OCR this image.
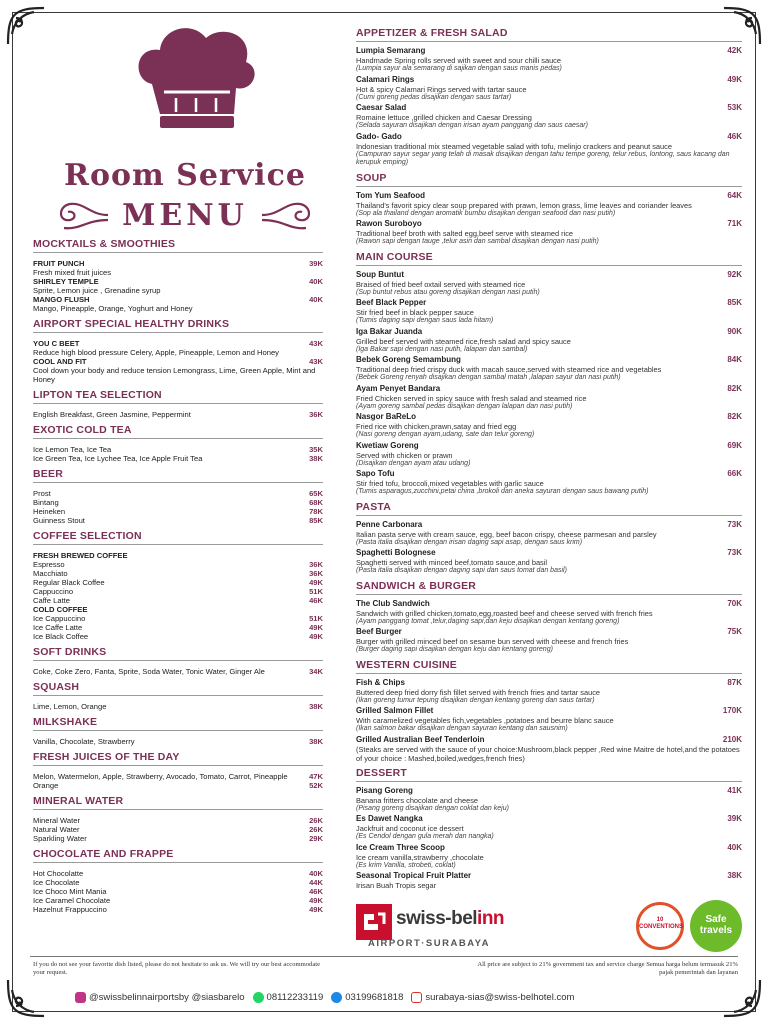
Room Service
MENU
MOCKTAILS & SMOOTHIES
FRUIT PUNCH	39K
Fresh mixed fruit juices
SHIRLEY TEMPLE	40K
Sprite, Lemon juice , Grenadine syrup
MANGO FLUSH	40K
Mango, Pineapple, Orange, Yoghurt and Honey
AIRPORT SPECIAL HEALTHY DRINKS
YOU C BEET	43K
Reduce high blood pressure Celery, Apple, Pineapple, Lemon and Honey
COOL AND FIT	43K
Cool down your body and reduce tension Lemongrass, Lime, Green Apple, Mint and Honey
LIPTON TEA SELECTION
English Breakfast, Green Jasmine, Peppermint	36K
EXOTIC COLD TEA
Ice Lemon Tea, Ice Tea	35K
Ice Green Tea, Ice Lychee Tea, Ice Apple Fruit Tea	38K
BEER
Prost	65K
Bintang	68K
Heineken	78K
Guinness Stout	85K
COFFEE SELECTION
FRESH BREWED COFFEE
Espresso	36K
Macchiato	36K
Regular Black Coffee	49K
Cappuccino	51K
Caffe Latte	46K
COLD COFFEE
Ice Cappuccino	51K
Ice Caffe Latte	49K
Ice Black Coffee	49K
SOFT DRINKS
Coke, Coke Zero, Fanta, Sprite, Soda Water, Tonic Water, Ginger Ale	34K
SQUASH
Lime, Lemon, Orange	38K
MILKSHAKE
Vanilla, Chocolate, Strawberry	38K
FRESH JUICES OF THE DAY
Melon, Watermelon, Apple, Strawberry, Avocado, Tomato, Carrot, Pineapple	47K
Orange	52K
MINERAL WATER
Mineral Water	26K
Natural Water	26K
Sparkling Water	29K
CHOCOLATE AND FRAPPE
Hot Chocolatte	40K
Ice Chocolate	44K
Ice Choco Mint Mania	46K
Ice Caramel Chocolate	49K
Hazelnut Frappuccino	49K
APPETIZER & FRESH SALAD
Lumpia Semarang	42K
Handmade Spring rolls served with sweet and sour chilli sauce
(Lumpia sayur ala semarang di sajikan dengan saus manis pedas)
Calamari Rings	49K
Hot & spicy Calamari Rings served with tartar sauce
(Cumi goreng pedas disajikan dengan saus tartar)
Caesar Salad	53K
Romaine lettuce ,grilled chicken and Caesar Dressing
(Selada sayuran disajikan dengan irisan ayam panggang dan saus caesar)
Gado- Gado	46K
Indonesian traditional mix steamed vegetable salad with tofu, melinjo crackers and peanut sauce
(Campuran sayur segar yang telah di masak disajikan dengan tahu tempe goreng, telur rebus, lontong, saus kacang dan kerupuk emping)
SOUP
Tom Yum Seafood	64K
Thailand's favorit spicy clear soup prepared with prawn, lemon grass, lime leaves and coriander leaves
(Sop ala thailand dengan aromatik bumbu disajikan dengan seafood dan nasi putih)
Rawon Suroboyo	71K
Traditional beef broth with salted egg,beef serve with steamed rice
(Rawon sapi dengan tauge ,telur asin dan sambal disajikan dengan nasi putih)
MAIN COURSE
Soup Buntut	92K
Braised of fried beef oxtail served with steamed rice
(Sup buntut rebus atau goreng disajikan dengan nasi putih)
Beef Black Pepper	85K
Stir fried beef in black pepper sauce
(Tumis daging sapi dengan saus lada hitam)
Iga Bakar Juanda	90K
Grilled beef served with steamed rice,fresh salad and spicy sauce
(Iga Bakar sapi dengan nasi putih, lalapan dan sambal)
Bebek Goreng Semambung	84K
Traditional deep fried crispy duck with macah sauce,served with steamed rice and vegetables
(Bebek Goreng renyah disajikan dengan sambal matah ,lalapan sayur dan nasi putih)
Ayam Penyet Bandara	82K
Fried Chicken served in spicy sauce with fresh salad and steamed rice
(Ayam goreng sambal pedas disajikan dengan lalapan dan nasi putih)
Nasgor BaReLo	82K
Fried rice with chicken,prawn,satay and fried egg
(Nasi goreng dengan ayam,udang, sate dan telur goreng)
Kwetiaw Goreng	69K
Served with chicken or prawn
(Disajikan dengan ayam atau udang)
Sapo Tofu	66K
Stir fried tofu, broccoli,mixed vegetables with garlic sauce
(Tumis asparagus,zucchini,petai china ,brokoli dan aneka sayuran dengan saus bawang putih)
PASTA
Penne Carbonara	73K
Italian pasta serve with cream sauce, egg, beef bacon crispy, cheese parmesan and parsley
(Pasta italia disajikan dengan irisan daging sapi asap, dengan saus krim)
Spaghetti Bolognese	73K
Spaghetti served with minced beef,tomato sauce,and basil
(Pasta italia disajikan dengan daging sapi dan saus tomat dan basil)
SANDWICH & BURGER
The Club Sandwich	70K
Sandwich with grilled chicken,tomato,egg,roasted beef and cheese served with french fries
(Ayam panggang tomat ,telur,daging sapi,dan keju disajikan dengan kentang goreng)
Beef Burger	75K
Burger with grilled minced beef on sesame bun served with cheese and french fries
(Burger daging sapi disajikan dengan keju dan kentang goreng)
WESTERN CUISINE
Fish & Chips	87K
Buttered deep fried dorry fish fillet served with french fries and tartar sauce
(Ikan goreng tumur tepung disajikan dengan kentang goreng dan saus tartar)
Grilled Salmon Fillet	170K
With caramelized vegetables fich,vegetables ,potatoes and beurre blanc sauce
(Ikan salmon bakar disajikan dengan sayuran kentang dan sausnim)
Grilled Australian Beef Tenderloin	210K
(Steaks are served with the sauce of your choice:Mushroom,black pepper ,Red wine Maitre de hotel,and the potatoes of your choice : Mashed,boiled,wedges,french fries)
DESSERT
Pisang Goreng	41K
Banana fritters chocolate and cheese
(Pisang goreng disajikan dengan coklat dan keju)
Es Dawet Nangka	39K
Jackfruit and coconut ice dessert
(Es Cendol dengan gula merah dan nangka)
Ice Cream Three Scoop	40K
Ice cream vanilla,strawberry ,chocolate
(Es krim Vanilla, strobeti, coklat)
Seasonal Tropical Fruit Platter	38K
Irisan Buah Tropis segar
swiss-belinn
AIRPORT·SURABAYA
10 CONVENTIONS
Safe travels
If you do not see your favorite dish listed, please do not hesitate to ask us. We will try our best accommodate your request.
All price are subject to 21% government tax and service charge Semua harga belum termasuk 21% pajak pemerintah dan layanan
@swissbelinnairportsby @siasbarelo 08112233119 0319968181​8 surabaya-sias@swiss-belhotel.com
